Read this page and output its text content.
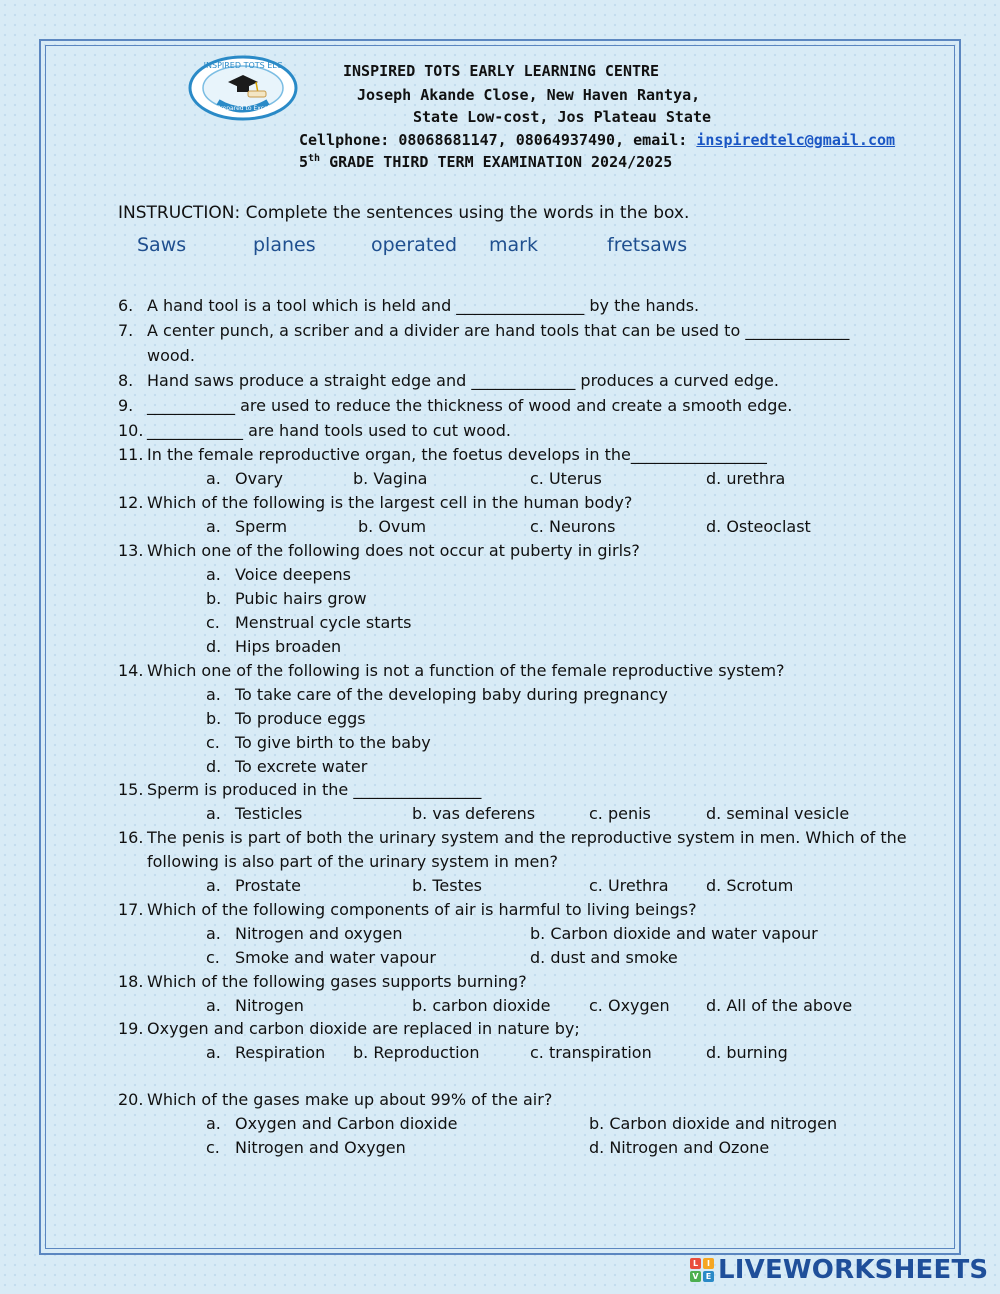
INSPIRED TOTS ELC
Prepared to Excel
INSPIRED TOTS EARLY LEARNING CENTRE
Joseph Akande Close, New Haven Rantya,
State Low-cost, Jos Plateau State
Cellphone: 08068681147, 08064937490, email: inspiredtelc@gmail.com
5th GRADE THIRD TERM EXAMINATION 2024/2025
INSTRUCTION: Complete the sentences using the words in the box.
Saws	planes	operated mark	fretsaws
6. A hand tool is a tool which is held and ________________ by the hands.
7. A center punch, a scriber and a divider are hand tools that can be used to _____________
wood.
8. Hand saws produce a straight edge and _____________ produces a curved edge.
9. ___________ are used to reduce the thickness of wood and create a smooth edge.
10. ____________ are hand tools used to cut wood.
11. In the female reproductive organ, the foetus develops in the_________________
a. Ovary	b. Vagina	c. Uterus	d. urethra
12. Which of the following is the largest cell in the human body?
a. Sperm	b. Ovum	c. Neurons	d. Osteoclast
13. Which one of the following does not occur at puberty in girls?
a. Voice deepens
b. Pubic hairs grow
c. Menstrual cycle starts
d. Hips broaden
14. Which one of the following is not a function of the female reproductive system?
a. To take care of the developing baby during pregnancy
b. To produce eggs
c. To give birth to the baby
d. To excrete water
15. Sperm is produced in the ________________
a. Testicles	b. vas deferens	c. penis	d. seminal vesicle
16. The penis is part of both the urinary system and the reproductive system in men. Which of the
following is also part of the urinary system in men?
a. Prostate	b. Testes	c. Urethra d. Scrotum
17. Which of the following components of air is harmful to living beings?
a. Nitrogen and oxygen	b. Carbon dioxide and water vapour
c. Smoke and water vapour	d. dust and smoke
18. Which of the following gases supports burning?
a. Nitrogen	b. carbon dioxide c. Oxygen d. All of the above
19. Oxygen and carbon dioxide are replaced in nature by;
a. Respiration b. Reproduction	c. transpiration	d. burning
20. Which of the gases make up about 99% of the air?
a. Oxygen and Carbon dioxide	b. Carbon dioxide and nitrogen
c. Nitrogen and Oxygen	d. Nitrogen and Ozone
L	I
V E LIVEWORKSHEETS
